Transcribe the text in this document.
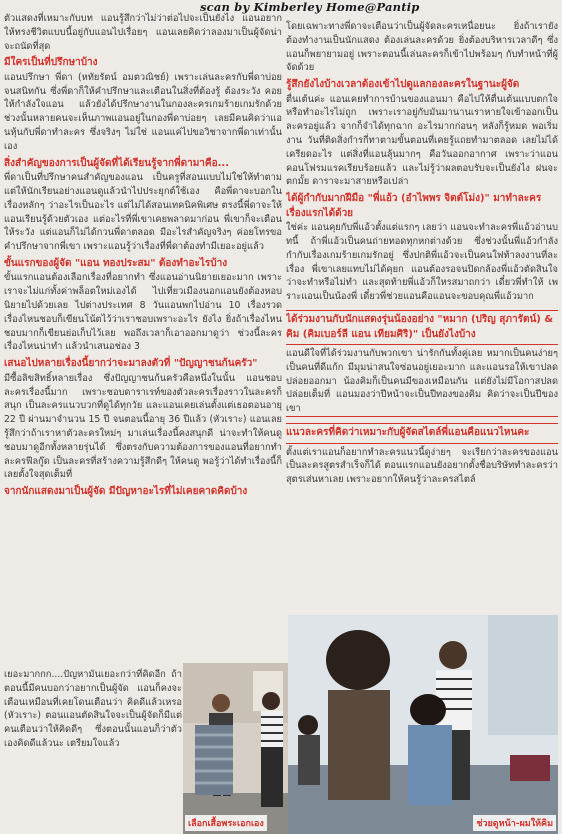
scan by Kimberley Home@Pantip

ตัวแสดงที่เหมาะกับบท แอนรู้สึกว่าไม่ว่าต่อไปจะเป็นยังไง แอนอยากให้ทรงชีวิตแบบนี้อยู่กับแอนไปเรื่อยๆ แอนเลยคิดว่าลองมาเป็นผู้จัดน่าจะถนัดที่สุด

มีใครเป็นที่ปรึกษาบ้าง

แอนปรึกษา พี่ดา (หทัยรัตน์ อมตวณิชย์) เพราะเล่นละครกับพี่ดาบ่อยจนสนิทกัน ซึ่งพี่ดาก็ให้คำปรึกษาและเตือนในสิ่งที่ต้องรู้ ต้องระวัง คอยให้กำลังใจแอน แล้วยังได้ปรึกษางานในกองละครเกมร้ายเกมรักด้วย ช่วงนั้นหลายคนจะเห็นภาพแอนอยู่ในกองพี่ดาบ่อยๆ เลยมีคนคิดว่าแอนหุ้นกับพี่ดาทำละคร ซึ่งจริงๆ ไม่ใช่ แอนแค่ไปขอวิชาจากพี่ดาเท่านั้นเอง

สิ่งสำคัญของการเป็นผู้จัดที่ได้เรียนรู้จากพี่ดามาคือ...

พี่ดาเป็นที่ปรึกษาคนสำคัญของแอน เป็นครูที่สอนแบบไม่ใช่ให้ทำตาม แต่ให้นักเรียนอย่างแอนดูแล้วนำไปประยุกต์ใช้เอง คือพี่ดาจะบอกในเรื่องหลักๆ ว่าอะไรเป็นอะไร แต่ไม่ได้สอนเทคนิคพิเศษ ตรงนี้พี่ดาจะให้แอนเรียนรู้ด้วยตัวเอง แต่อะไรที่พี่เขาเคยพลาดมาก่อน พี่เขาก็จะเตือนให้ระวัง แต่แอนก็ไม่ได้กวนพี่ดาตลอด มีอะไรสำคัญจริงๆ ค่อยโทรขอคำปรึกษาจากพี่เขา เพราะแอนรู้ว่าเรื่องที่พี่ดาต้องทำมีเยอะอยู่แล้ว

ขั้นแรกของผู้จัด "แอน ทองประสม" ต้องทำอะไรบ้าง

ขั้นแรกแอนต้องเลือกเรื่องที่อยากทำ ซึ่งแอนอ่านนิยายเยอะมาก เพราะเราจะไม่แก่ทั้งค่าพล็อตใหม่เองได้ ไปเที่ยวเมืองนอกแอนยังต้องหอบนิยายไปด้วยเลย ไปต่างประเทศ 8 วันแอนพกไปอ่าน 10 เรื่องรวด เรื่องไหนชอบก็เขียนโน้ตไว้ว่าเราชอบเพราะอะไร ยังไง ยิ่งถ้าเรื่องไหนชอบมากก็เขียนย่อเก็บไว้เลย พอถึงเวลาก็เอาออกมาดูว่า ช่วงนี้ละครเรื่องไหนน่าทำ แล้วนำเสนอช่อง 3

เสนอไปหลายเรื่องนี้ยากว่าจะมาลงตัวที่ "ปัญญาชนก้นครัว"

มีซื้อลิขสิทธิ์หลายเรื่อง ซึ่งปัญญาชนก้นครัวคือหนึ่งในนั้น แอนชอบละครเรื่องนี้มาก เพราะชอบดาราเรท์ของตัวละครเรื่องราวในละครก็สนุก เป็นละครแนวบวกที่ดูได้ทุกวัย และแอนเคยเล่นตั้งแต่เธอตอนอายุ 22 ปี ผ่านมาจำนวน 15 ปี จนตอนนี้อายุ 36 ปีแล้ว (หัวเราะ) แอนเลยรู้สึกว่าถ้าเราหาตัวละครใหม่ๆ มาเล่นเรื่องนี้คงสนุกดี น่าจะทำให้คนดูชอบมาดูอีกทั้งหลายรุ่นได้ ซึ่งตรงกับความต้องการของแอนที่อยากทำละครฟีลกู๊ด เป็นละครที่สร้างความรู้สึกดีๆ ให้คนดู พอรู้ว่าได้ทำเรื่องนี้ก็เลยตั้งใจสุดเต็มที่

จากนักแสดงมาเป็นผู้จัด มีปัญหาอะไรที่ไม่เคยคาดคิดบ้าง

โดยเฉพาะทางพี่ดาจะเตือนว่าเป็นผู้จัดละครเหนื่อยนะ ยิ่งถ้าเรายังต้องทำงานเป็นนักแสดง ต้องเล่นละครด้วย ยิ่งต้องบริหารเวลาดีๆ ซึ่งแอนก็พยายามอยู่ เพราะตอนนี้เล่นละครก็เข้าไปพร้อมๆ กับทำหน้าที่ผู้จัดด้วย

รู้สึกยังไงบ้างเวลาต้องเข้าไปดูแลกองละครในฐานะผู้จัด

ตื่นเต้นค่ะ แอนเคยทำการบ้านของแอนมา คือไปให้ตื่นเต้นแบบตกใจ หรือทำอะไรไม่ถูก เพราะเราอยู่กับมันมานานเราหายใจเข้าออกเป็นละครอยู่แล้ว จากก็จำได้ทุกฉาก อะไรมากก่อนๆ หลังก็รู้หมด พอเริ่มงาน วันที่ติดสิ่งกำรกี่ทาตามขั้นตอนที่เคยรู้แถยทำมาตลอด เลยไม่ได้เครียดอะไร แต่สิ่งที่แอนลุ้นมากๆ คือวันออกอากาศ เพราะว่าแอนคอนโฟรมแรคเรียบร้อยแล้ว และไม่รู้ว่าผลตอบรับจะเป็นยังไง ฝนจะตกมั้ย ดาราจะมาสายหรือเปล่า

ได้ผู้กำกับมากฝีมือ "พี่แอ้ว (อำไพพร จิตต์โม่ง)" มาทำละครเรื่องแรกได้ด้วย

ใช่ค่ะ แอนคุยกับพี่แอ้วตั้งแต่แรกๆ เลยว่า แอนจะทำละครพี่แอ้วอ่านบทนี้ ถ้าพี่แอ้วเป็นคนถ่ายทอดทุกหกต่างด้วย ซึ่งช่วงนั้นพี่แอ้วกำลังกำกับเรื่องเกมร้ายเกมรักอยู่ ซึ่งปกติพี่แอ้วจะเป็นคนใฟท้าลงงานที่ละเรื่อง พี่เขาเลยแทบไม่ได้คุยก แอนต้องรอจนปิดกล้องพี่แอ้วตัดสินใจว่าจะทำหรือไม่ทำ และสุดท้ายพี่แอ้วก็ใหรสมาถกว่า เดี๋ยวพี่ทำให้ เพราะแอนเป็นน้องพี่ เดี๋ยวพี่ช่วยแอนคือแอนจะขอบคุณพี่แอ้วมาก

ได้ร่วมงานกับนักแสดงรุ่นน้องอย่าง "หมาก (ปริญ สุภารัตน์) & คิม (คิมเบอร์ลี แอน เทียมศิริ)" เป็นยังไงบ้าง

แอนดีใจที่ได้ร่วมงานกับพวกเขา น่ารักกันทั้งคู่เลย หมากเป็นคนง่ายๆ เป็นคนที่ดีแก้ก มีมุมน่าสนใจซ่อนอยู่เยอะมาก และแอนรอให้เขาปลดปล่อยออกมา น้องคิมก็เป็นคนมีของเหมือนกัน แต่ยังไม่มีโอกาสปลดปล่อยเต็มที่ แอนมองว่าปีหน้าจะเป็นปีทองของคิม คิดว่าจะเป็นปีของเขา

แนวละครที่คิดว่าเหมาะกับผู้จัดสไตล์พี่แอนคือแนวไหนคะ

ตั้งแต่เราแอนก็อยากทำละครแนวนี้ดูง่ายๆ จะเรียกว่าละครของแอนเป็นละครสูตรสำเร็จก็ได้ ตอนแรกแอนยังอยากตั้งชื่อบริษัททำละครว่าสุตรเส่นหาเลย เพราะอยากให้คนรู้ว่าละครสไตล์

เยอะมากกก....ปัญหามันเยอะกว่าที่คิดอีก ถ้าตอนนี้มีคนบอกว่าอยากเป็นผู้จัด แอนก็คงจะเตือนเหมือนที่เคยโดนเตือนว่า คิดดีแล้วเหรอ (หัวเราะ) ตอนแอนตัดสินใจจะเป็นผู้จัดก็มีแต่คนเตือนว่าให้คิดดีๆ ซึ่งตอนนั้นแอนก็ว่าตัวเองคิดดีแล้วนะ เตรียมใจแล้ว

เลือกเสื้อพระเอกเอง	ช่วยดูหน้า-ผมให้คิม
